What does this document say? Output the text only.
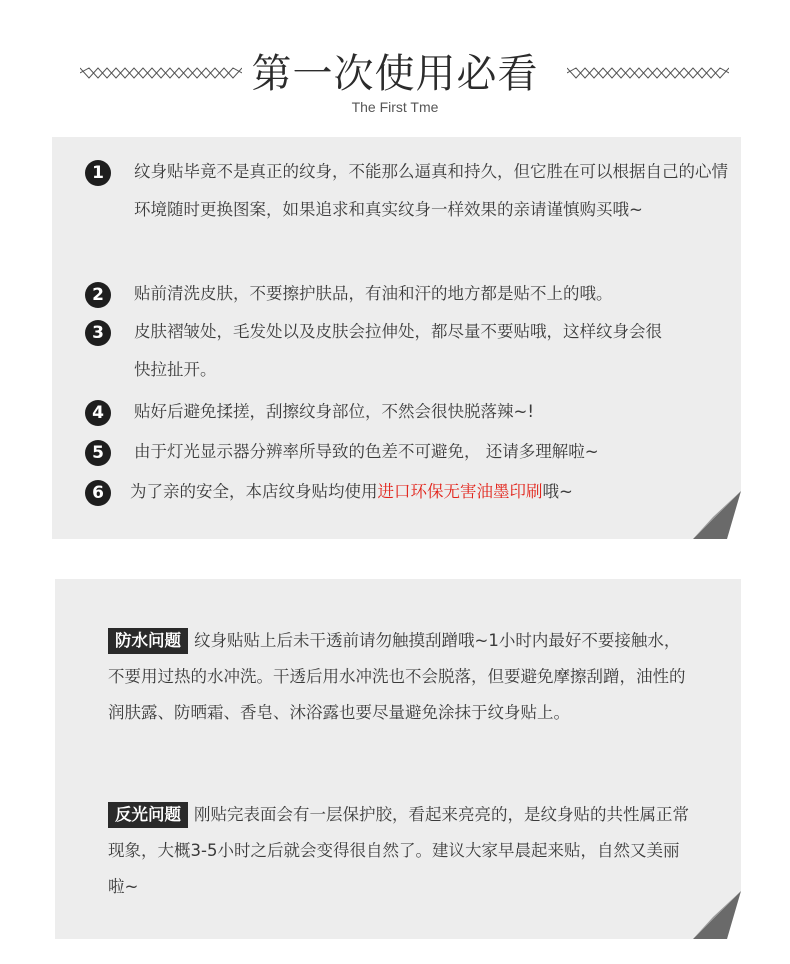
第一次使用必看
The First Tme
1	纹身贴毕竟不是真正的纹身，不能那么逼真和持久，但它胜在可以根据自己的心情环境随时更换图案，如果追求和真实纹身一样效果的亲请谨慎购买哦~
2	贴前清洗皮肤，不要擦护肤品，有油和汗的地方都是贴不上的哦。
3	皮肤褶皱处，毛发处以及皮肤会拉伸处，都尽量不要贴哦，这样纹身会很快拉扯开。
4	贴好后避免揉搓，刮擦纹身部位，不然会很快脱落辣~!
5	由于灯光显示器分辨率所导致的色差不可避免， 还请多理解啦~
6	为了亲的安全，本店纹身贴均使用进口环保无害油墨印刷哦~
防水问题 纹身贴贴上后未干透前请勿触摸刮蹭哦~1小时内最好不要接触水，不要用过热的水冲洗。干透后用水冲洗也不会脱落，但要避免摩擦刮蹭，油性的润肤露、防晒霜、香皂、沐浴露也要尽量避免涂抹于纹身贴上。
反光问题 刚贴完表面会有一层保护胶，看起来亮亮的，是纹身贴的共性属正常现象，大概3-5小时之后就会变得很自然了。建议大家早晨起来贴，自然又美丽啦~
